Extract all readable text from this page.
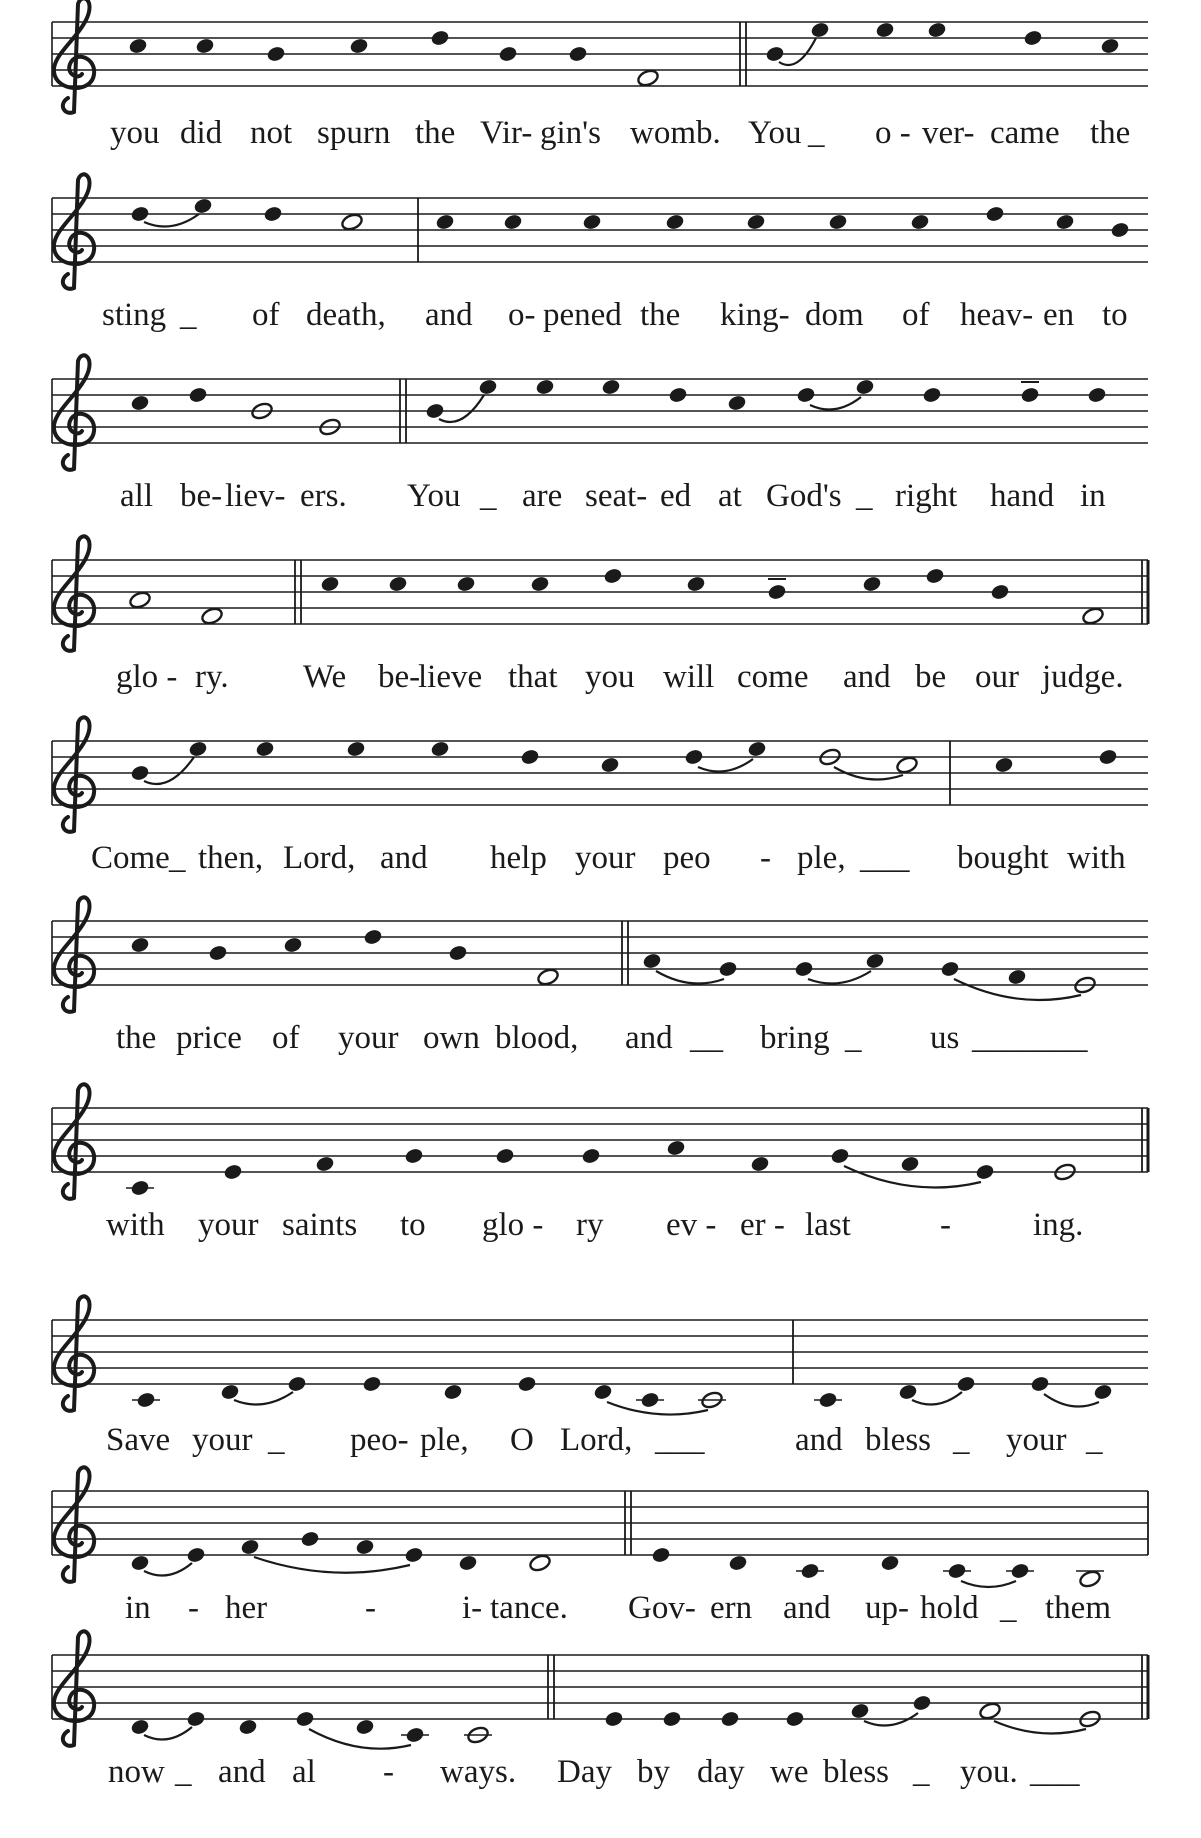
you did not spurn the Vir- gin's womb. You _ o - ver- came the
sting _ of death, and o- pened the king- dom of heav- en to
all be- liev- ers. You _ are seat- ed at God's _ right hand in
glo - ry. We be-
lieve that you will come and be our judge.
Come _ then, Lord, and help your peo - ple, ___ bought with
the price of your own blood, and __ bring _ us _______
with your saints to glo - ry ev - er - last	- ing.
Save your _ peo- ple, O Lord, ___	and bless _ your _
in - her	-	i- tance. Gov- ern and up- hold _ them
now _ and al - ways. Day by day we bless _ you. ___
